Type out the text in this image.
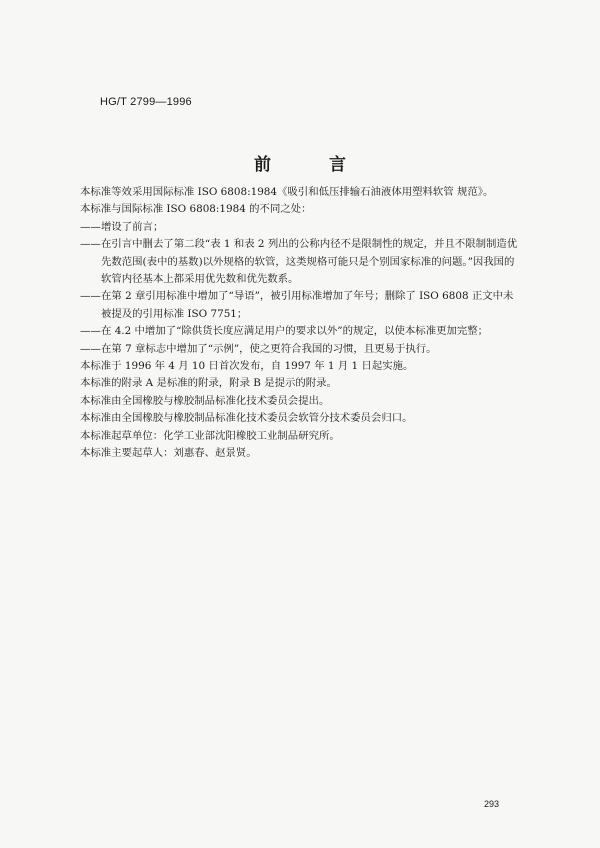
HG/T 2799—1996
前 言

本标准等效采用国际标准 ISO 6808:1984《吸引和低压排输石油液体用塑料软管 规范》。

本标准与国际标准 ISO 6808:1984 的不同之处：

——增设了前言；

——在引言中删去了第二段“表 1 和表 2 列出的公称内径不是限制性的规定，并且不限制制造优先数范围(表中的基数)以外规格的软管，这类规格可能只是个别国家标准的问题。”因我国的软管内径基本上都采用优先数和优先数系。

——在第 2 章引用标准中增加了“导语”，被引用标准增加了年号；删除了 ISO 6808 正文中未被提及的引用标准 ISO 7751；

——在 4.2 中增加了“除供货长度应满足用户的要求以外”的规定，以使本标准更加完整；

——在第 7 章标志中增加了“示例”，使之更符合我国的习惯，且更易于执行。

本标准于 1996 年 4 月 10 日首次发布，自 1997 年 1 月 1 日起实施。

本标准的附录 A 是标准的附录，附录 B 是提示的附录。

本标准由全国橡胶与橡胶制品标准化技术委员会提出。

本标准由全国橡胶与橡胶制品标准化技术委员会软管分技术委员会归口。

本标准起草单位：化学工业部沈阳橡胶工业制品研究所。

本标准主要起草人：刘惠春、赵景贤。

293
